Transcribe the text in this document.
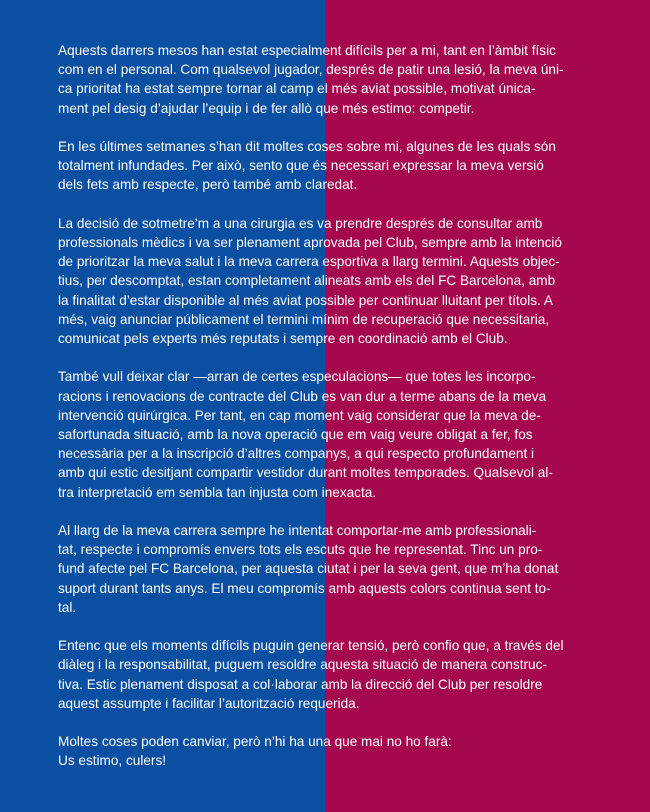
Aquests darrers mesos han estat especialment difícils per a mi, tant en l’àmbit físic
com en el personal. Com qualsevol jugador, després de patir una lesió, la meva úni-
ca prioritat ha estat sempre tornar al camp el més aviat possible, motivat únicа-
ment pel desig d’ajudar l’equip i de fer allò que més estimo: competir.

En les últimes setmanes s’han dit moltes coses sobre mi, algunes de les quals són
totalment infundades. Per això, sento que és necessari expressar la meva versió
dels fets amb respecte, però també amb claredat.

La decisió de sotmetre’m a una cirurgia es va prendre després de consultar amb
professionals mèdics i va ser plenament aprovada pel Club, sempre amb la intenció
de prioritzar la meva salut i la meva carrera esportiva a llarg termini. Aquests objec-
tius, per descomptat, estan completament alineats amb els del FC Barcelona, amb
la finalitat d’estar disponible al més aviat possible per continuar lluitant per títols. A
més, vaig anunciar públicament el termini mínim de recuperació que necessitaria,
comunicat pels experts més reputats i sempre en coordinació amb el Club.

També vull deixar clar —arran de certes especulacions— que totes les incorpo-
racions i renovacions de contracte del Club es van dur a terme abans de la meva
intervenció quirúrgica. Per tant, en cap moment vaig considerar que la meva de-
safortunada situació, amb la nova operació que em vaig veure obligat a fer, fos
necessària per a la inscripció d’altres companys, a qui respecto profundament i
amb qui estic desitjant compartir vestidor durant moltes temporades. Qualsevol al-
tra interpretació em sembla tan injusta com inexacta.

Al llarg de la meva carrera sempre he intentat comportar-me amb professionali-
tat, respecte i compromís envers tots els escuts que he representat. Tinc un pro-
fund afecte pel FC Barcelona, per aquesta ciutat i per la seva gent, que m’ha donat
suport durant tants anys. El meu compromís amb aquests colors continua sent to-
tal.

Entenc que els moments difícils puguin generar tensió, però confio que, a través del
diàleg i la responsabilitat, puguem resoldre aquesta situació de manera construc-
tiva. Estic plenament disposat a col·laborar amb la direcció del Club per resoldre
aquest assumpte i facilitar l’autorització requerida.

Moltes coses poden canviar, però n’hi ha una que mai no ho farà:
Us estimo, culers!
